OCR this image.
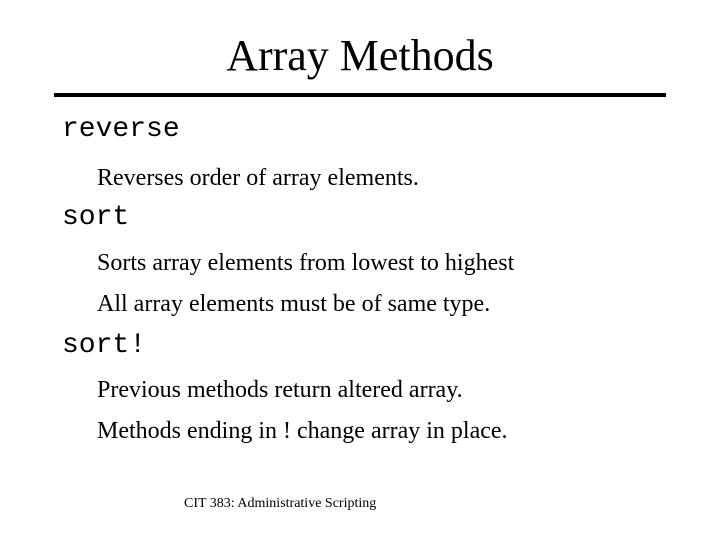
Array Methods
reverse
Reverses order of array elements.
sort
Sorts array elements from lowest to highest
All array elements must be of same type.
sort!
Previous methods return altered array.
Methods ending in ! change array in place.
CIT 383: Administrative Scripting
